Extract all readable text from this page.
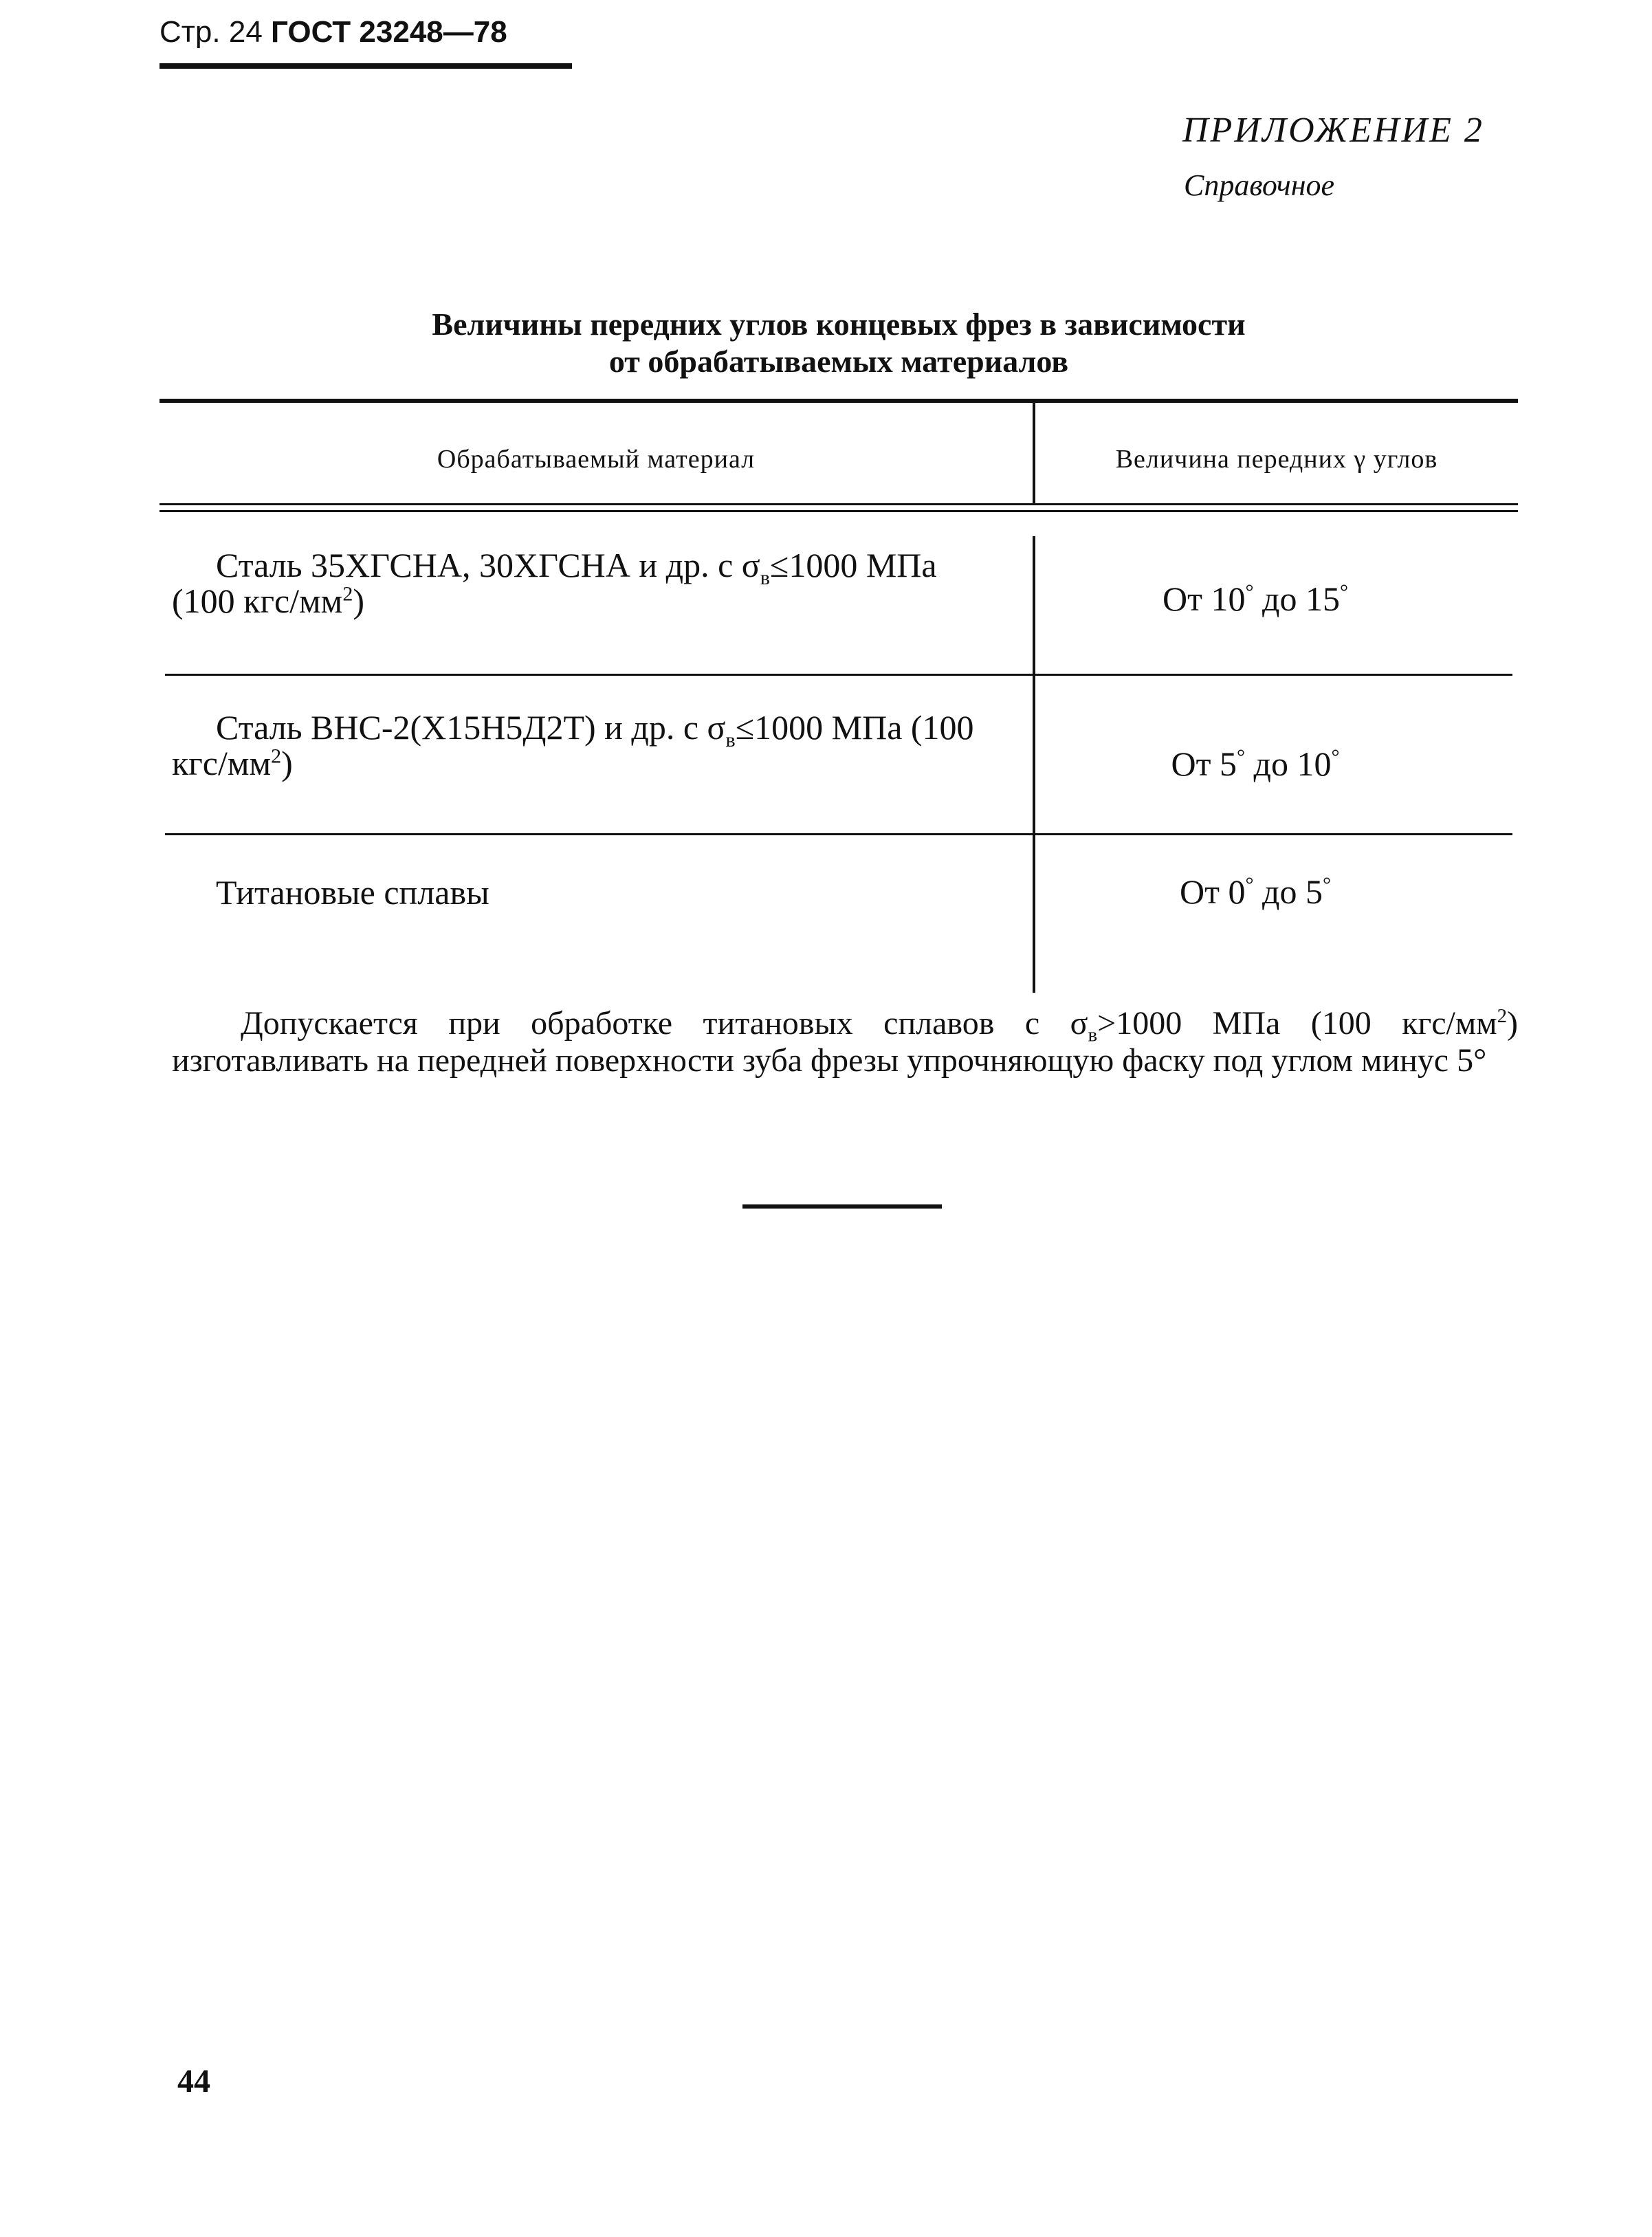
Стр. 24 ГОСТ 23248—78
ПРИЛОЖЕНИЕ 2
Справочное
Величины передних углов концевых фрез в зависимости
от обрабатываемых материалов
Обрабатываемый материал	Величина передних γ углов
Сталь 35ХГСНА, 30ХГСНА и др. с $\sigma_в\le 1000$ МПа (100 кгс/$мм^2$)	От 10° до 15°
Сталь ВНС-2(Х15Н5Д2Т) и др. с $\sigma_в\le 1000$ МПа (100 кгс/$мм^2$)	От 5° до 10°
Титановые сплавы	От 0° до 5°
Допускается при обработке титановых сплавов с $\sigma_в>1000$ МПа (100 кгс/$мм^2$) изготавливать на передней поверхности зуба фрезы упрочняющую фаску под углом минус 5°
44
